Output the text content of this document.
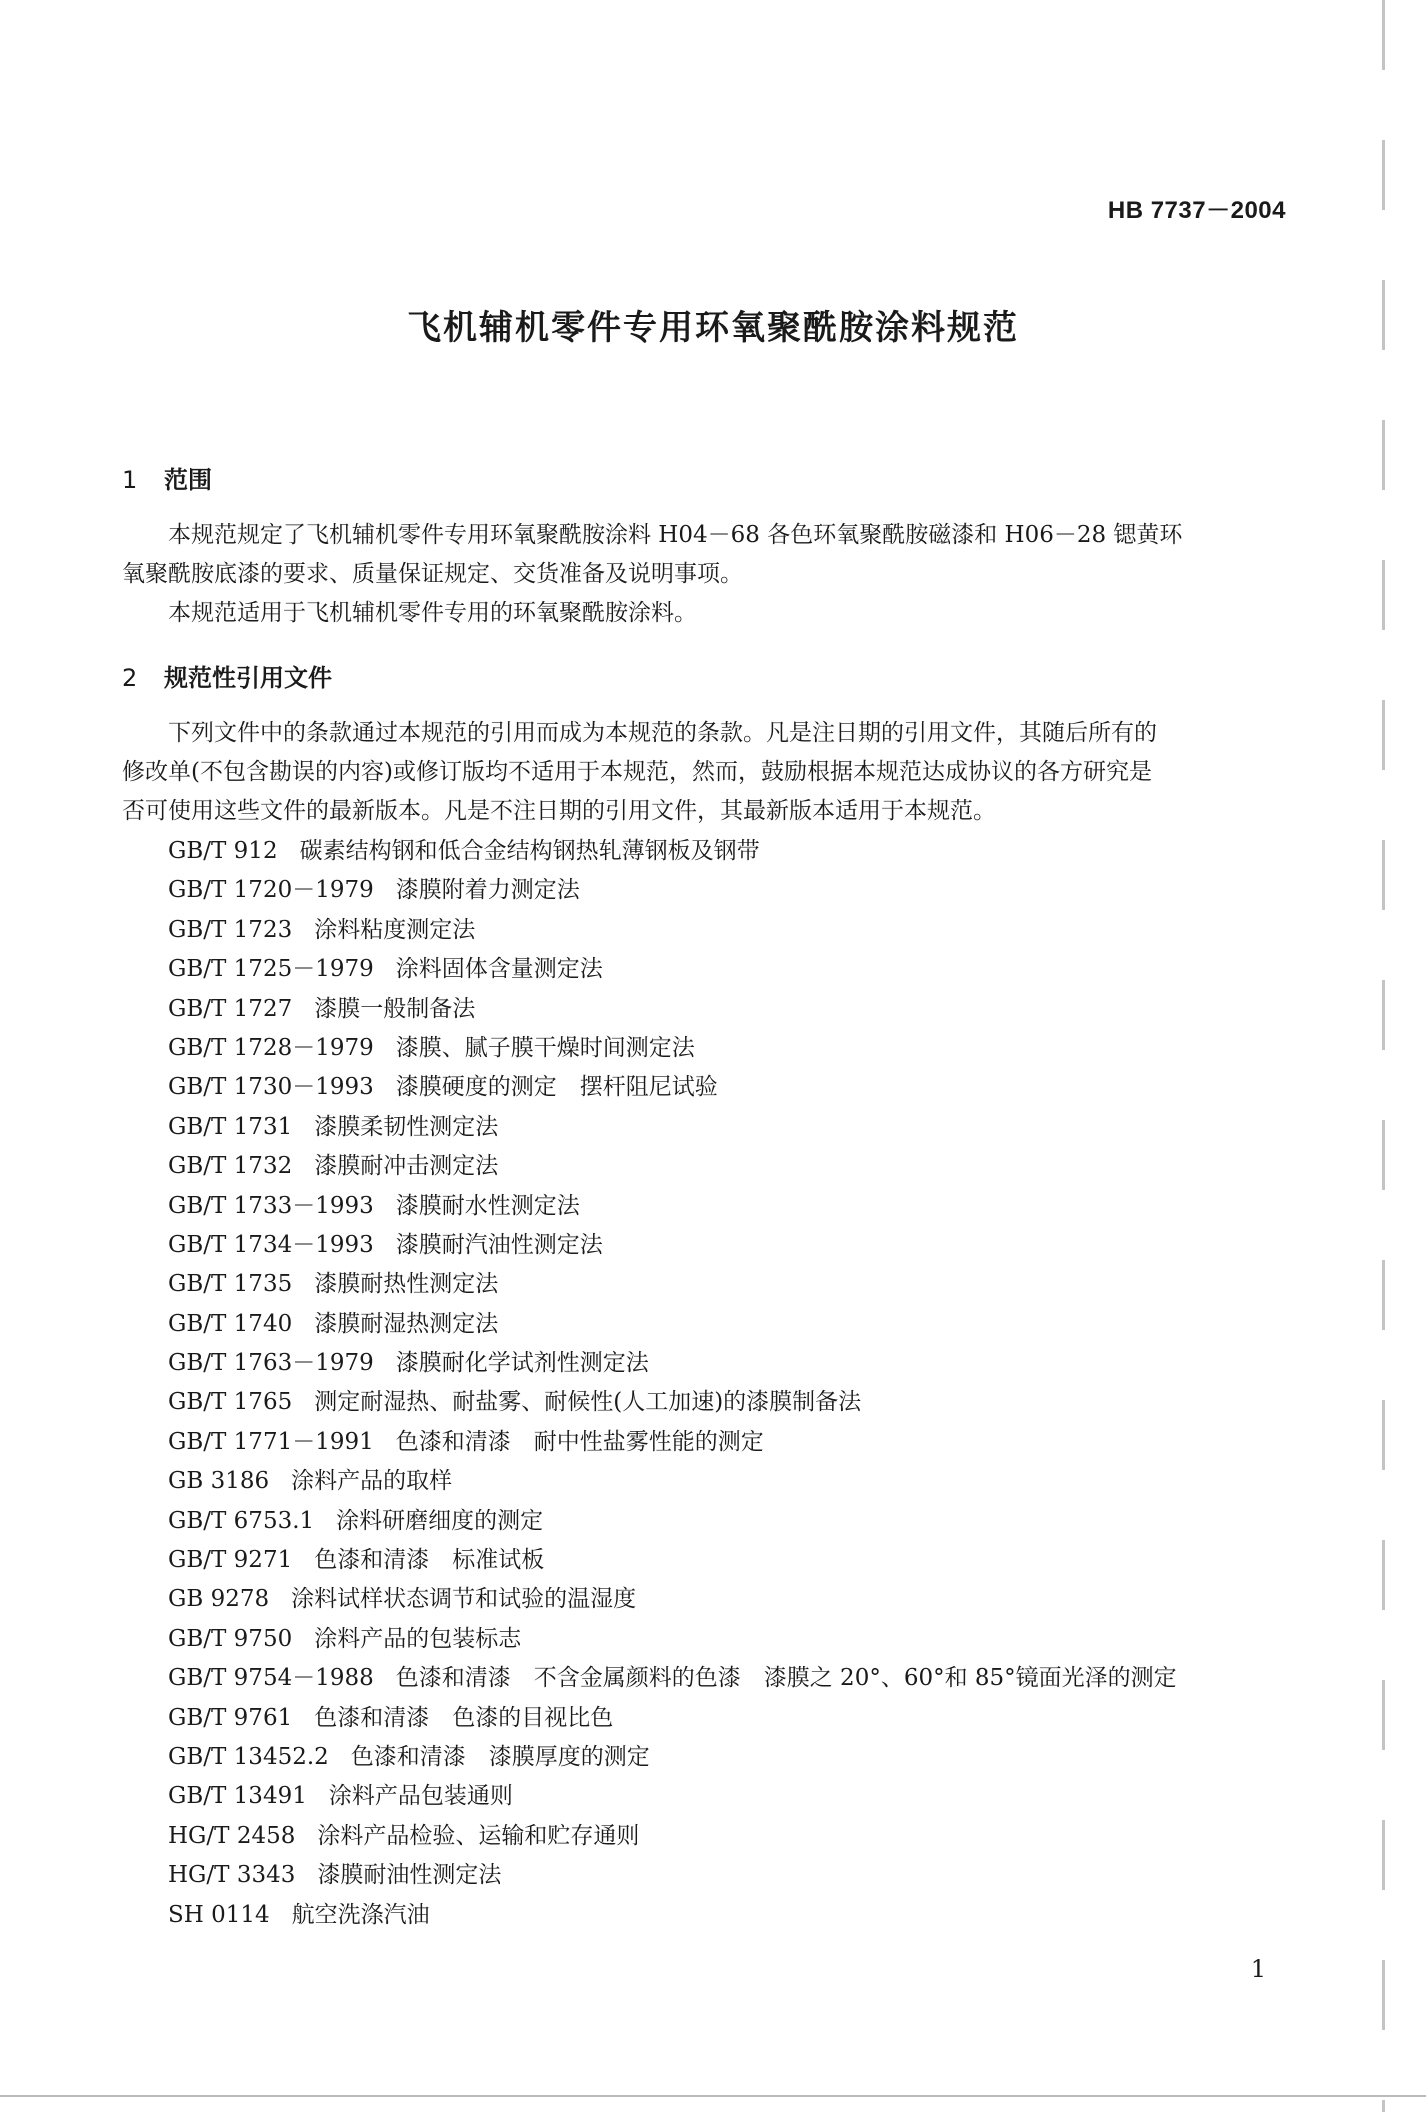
HB 7737－2004
飞机辅机零件专用环氧聚酰胺涂料规范
1 范围
本规范规定了飞机辅机零件专用环氧聚酰胺涂料 H04－68 各色环氧聚酰胺磁漆和 H06－28 锶黄环
氧聚酰胺底漆的要求、质量保证规定、交货准备及说明事项。
本规范适用于飞机辅机零件专用的环氧聚酰胺涂料。
2 规范性引用文件
下列文件中的条款通过本规范的引用而成为本规范的条款。凡是注日期的引用文件，其随后所有的
修改单(不包含勘误的内容)或修订版均不适用于本规范，然而，鼓励根据本规范达成协议的各方研究是
否可使用这些文件的最新版本。凡是不注日期的引用文件，其最新版本适用于本规范。
GB/T 912 碳素结构钢和低合金结构钢热轧薄钢板及钢带
GB/T 1720－1979 漆膜附着力测定法
GB/T 1723 涂料粘度测定法
GB/T 1725－1979 涂料固体含量测定法
GB/T 1727 漆膜一般制备法
GB/T 1728－1979 漆膜、腻子膜干燥时间测定法
GB/T 1730－1993 漆膜硬度的测定　摆杆阻尼试验
GB/T 1731 漆膜柔韧性测定法
GB/T 1732 漆膜耐冲击测定法
GB/T 1733－1993 漆膜耐水性测定法
GB/T 1734－1993 漆膜耐汽油性测定法
GB/T 1735 漆膜耐热性测定法
GB/T 1740 漆膜耐湿热测定法
GB/T 1763－1979 漆膜耐化学试剂性测定法
GB/T 1765 测定耐湿热、耐盐雾、耐候性(人工加速)的漆膜制备法
GB/T 1771－1991 色漆和清漆　耐中性盐雾性能的测定
GB 3186 涂料产品的取样
GB/T 6753.1 涂料研磨细度的测定
GB/T 9271 色漆和清漆　标准试板
GB 9278 涂料试样状态调节和试验的温湿度
GB/T 9750 涂料产品的包装标志
GB/T 9754－1988 色漆和清漆　不含金属颜料的色漆　漆膜之 20°、60°和 85°镜面光泽的测定
GB/T 9761 色漆和清漆　色漆的目视比色
GB/T 13452.2 色漆和清漆　漆膜厚度的测定
GB/T 13491 涂料产品包装通则
HG/T 2458 涂料产品检验、运输和贮存通则
HG/T 3343 漆膜耐油性测定法
SH 0114 航空洗涤汽油
1
